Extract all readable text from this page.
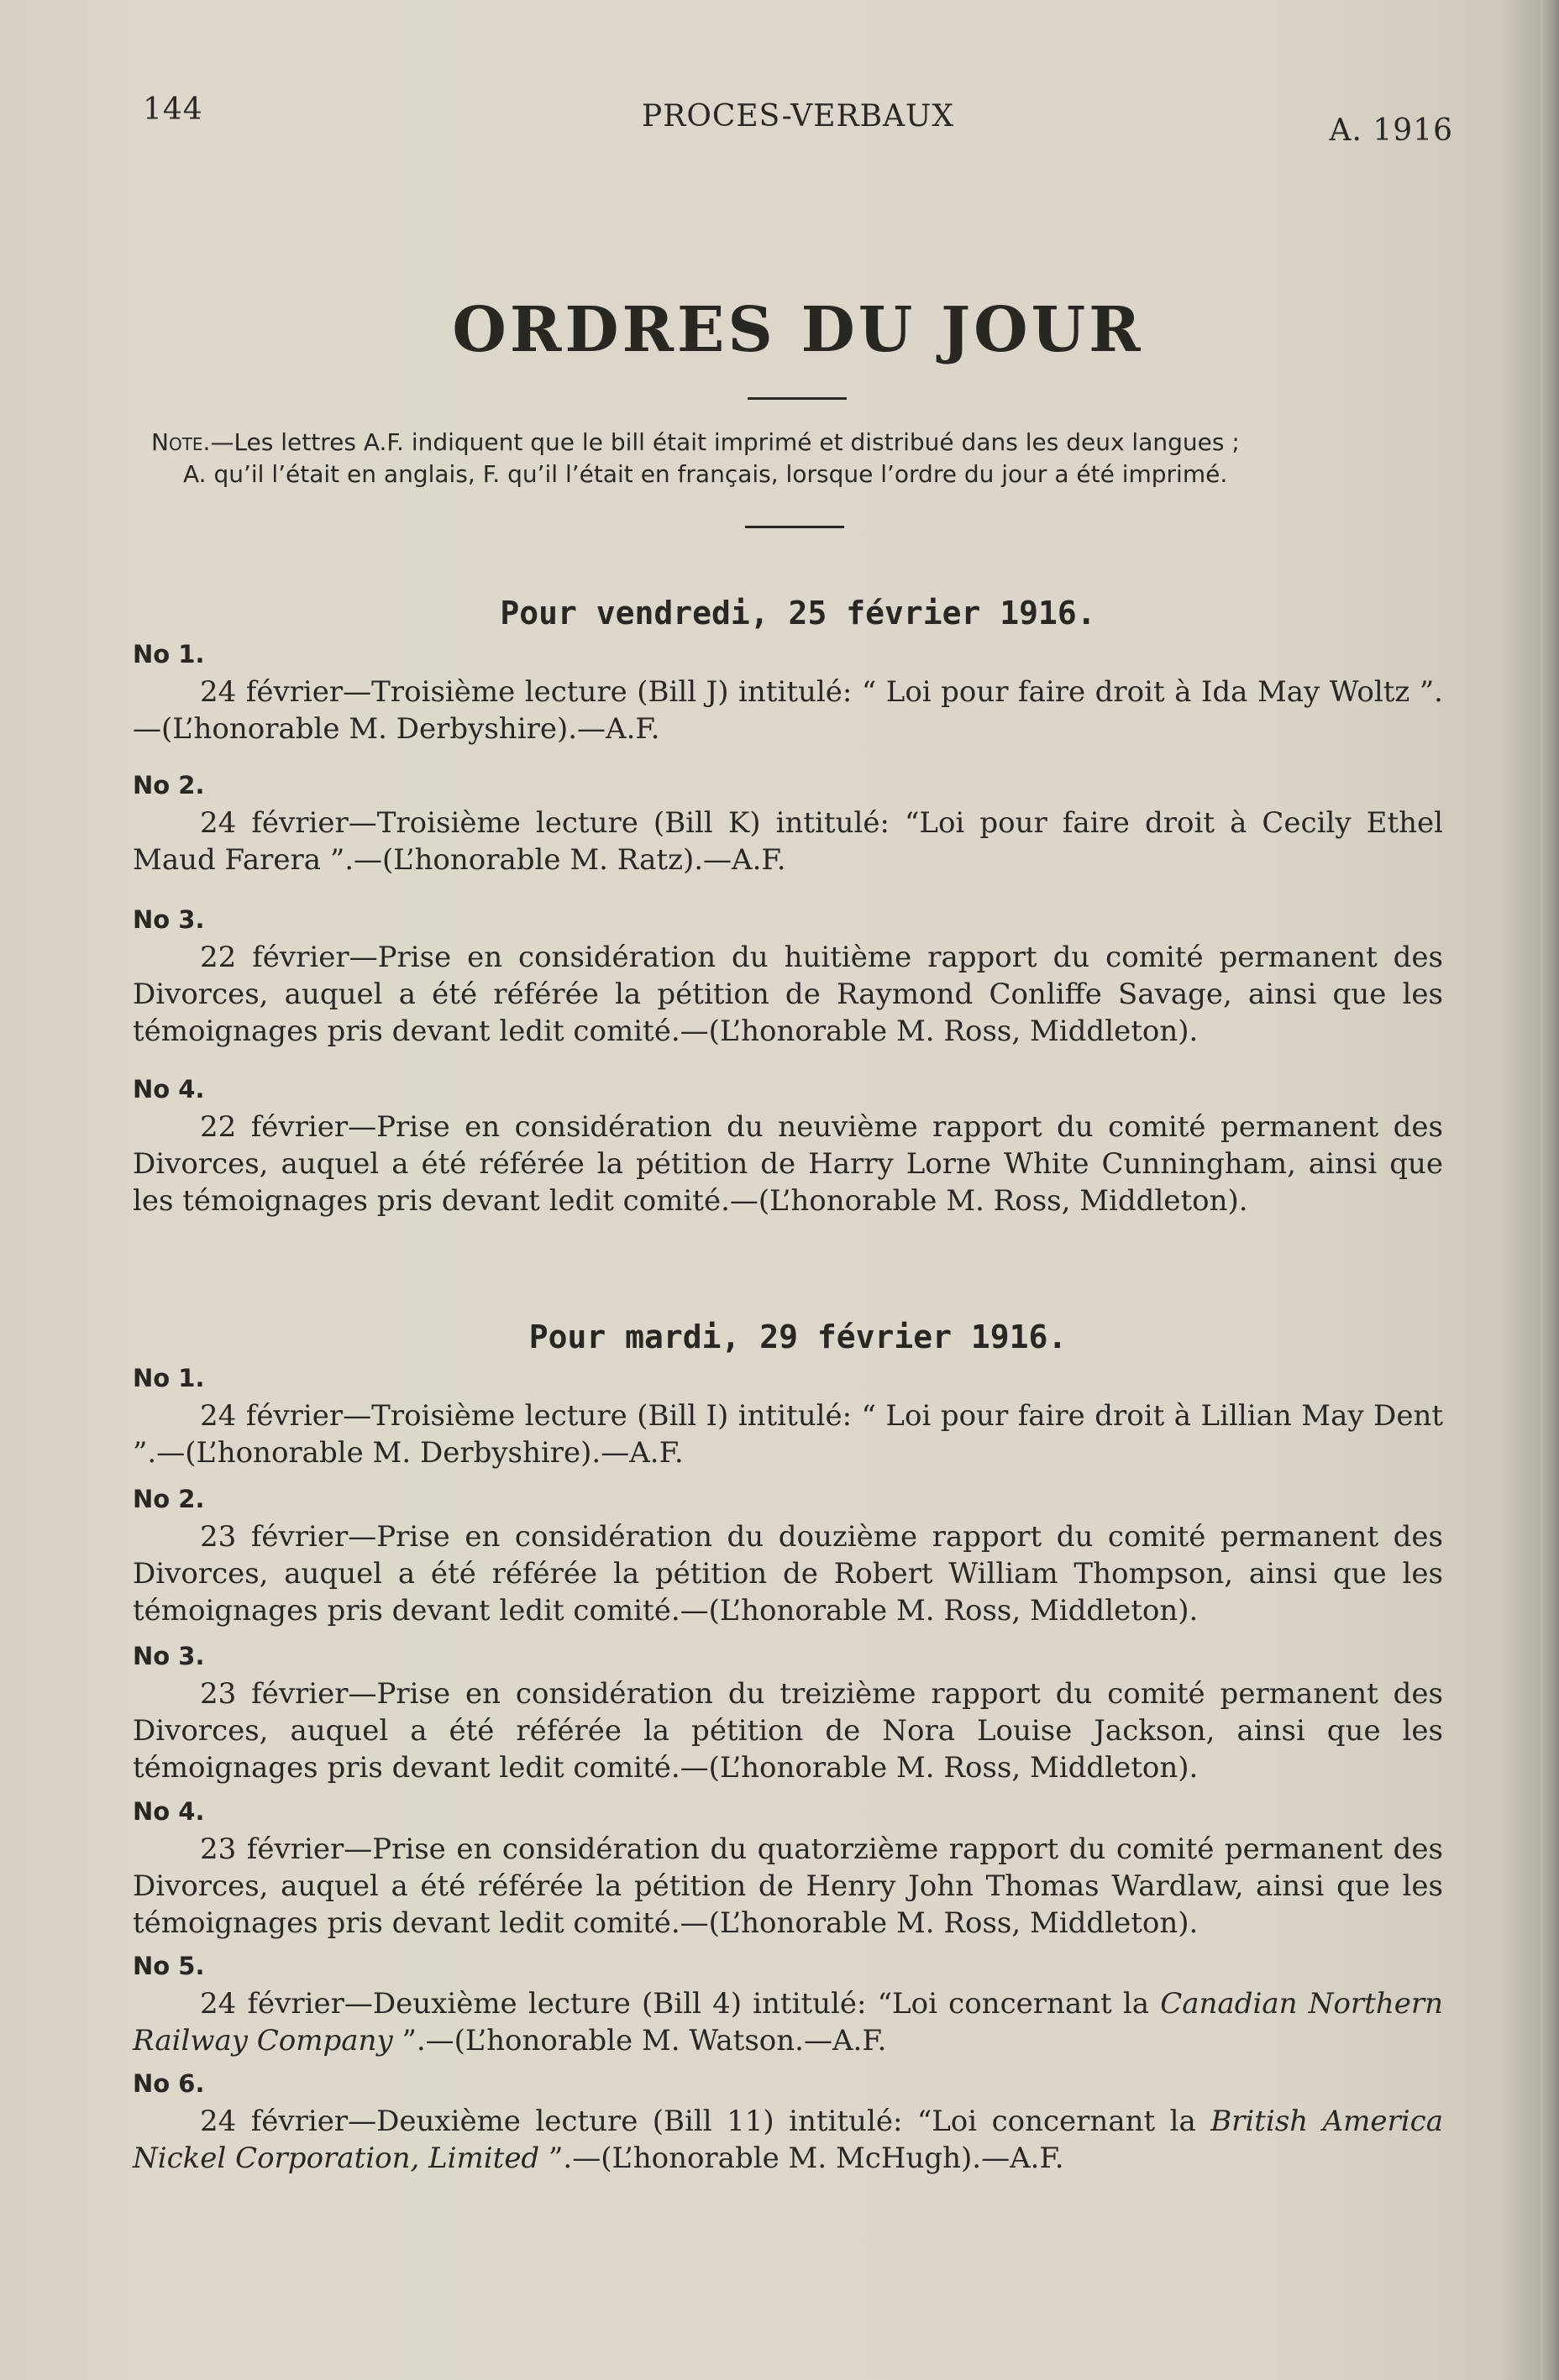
144	PROCES-VERBAUX	A. 1916
ORDRES DU JOUR
Note.—Les lettres A.F. indiquent que le bill était imprimé et distribué dans les deux langues ;
A. qu’il l’était en anglais, F. qu’il l’était en français, lorsque l’ordre du jour a été imprimé.
Pour vendredi, 25 février 1916.
No 1.
24 février—Troisième lecture (Bill J) intitulé: “ Loi pour faire droit à Ida May Woltz ”.—(L’honorable M. Derbyshire).—A.F.
No 2.
24 février—Troisième lecture (Bill K) intitulé: “Loi pour faire droit à Cecily Ethel Maud Farera ”.—(L’honorable M. Ratz).—A.F.
No 3.
22 février—Prise en considération du huitième rapport du comité permanent des Divorces, auquel a été référée la pétition de Raymond Conliffe Savage, ainsi que les témoignages pris devant ledit comité.—(L’honorable M. Ross, Middleton).
No 4.
22 février—Prise en considération du neuvième rapport du comité permanent des Divorces, auquel a été référée la pétition de Harry Lorne White Cunningham, ainsi que les témoignages pris devant ledit comité.—(L’honorable M. Ross, Middleton).
Pour mardi, 29 février 1916.
No 1.
24 février—Troisième lecture (Bill I) intitulé: “ Loi pour faire droit à Lillian May Dent ”.—(L’honorable M. Derbyshire).—A.F.
No 2.
23 février—Prise en considération du douzième rapport du comité permanent des Divorces, auquel a été référée la pétition de Robert William Thompson, ainsi que les témoignages pris devant ledit comité.—(L’honorable M. Ross, Middleton).
No 3.
23 février—Prise en considération du treizième rapport du comité permanent des Divorces, auquel a été référée la pétition de Nora Louise Jackson, ainsi que les témoignages pris devant ledit comité.—(L’honorable M. Ross, Middleton).
No 4.
23 février—Prise en considération du quatorzième rapport du comité permanent des Divorces, auquel a été référée la pétition de Henry John Thomas Wardlaw, ainsi que les témoignages pris devant ledit comité.—(L’honorable M. Ross, Middleton).
No 5.
24 février—Deuxième lecture (Bill 4) intitulé: “Loi concernant la Canadian Northern Railway Company ”.—(L’honorable M. Watson.—A.F.
No 6.
24 février—Deuxième lecture (Bill 11) intitulé: “Loi concernant la British America Nickel Corporation, Limited ”.—(L’honorable M. McHugh).—A.F.
